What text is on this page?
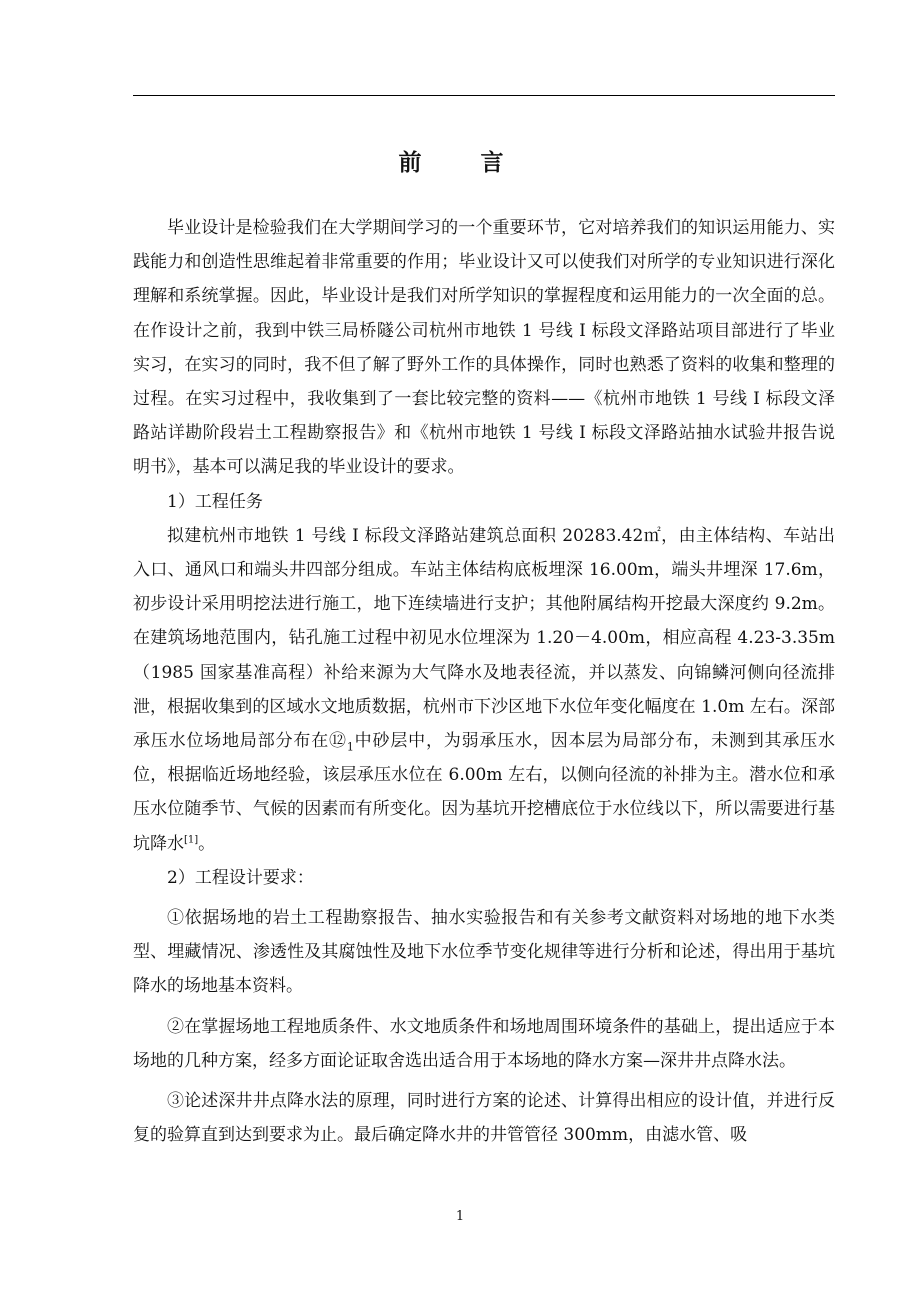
前　言

毕业设计是检验我们在大学期间学习的一个重要环节，它对培养我们的知识运用能力、实践能力和创造性思维起着非常重要的作用；毕业设计又可以使我们对所学的专业知识进行深化理解和系统掌握。因此，毕业设计是我们对所学知识的掌握程度和运用能力的一次全面的总。在作设计之前，我到中铁三局桥隧公司杭州市地铁 1 号线 I 标段文泽路站项目部进行了毕业实习，在实习的同时，我不但了解了野外工作的具体操作，同时也熟悉了资料的收集和整理的过程。在实习过程中，我收集到了一套比较完整的资料——《杭州市地铁 1 号线 I 标段文泽路站详勘阶段岩土工程勘察报告》和《杭州市地铁 1 号线 I 标段文泽路站抽水试验井报告说明书》，基本可以满足我的毕业设计的要求。

1）工程任务

拟建杭州市地铁 1 号线 I 标段文泽路站建筑总面积 20283.42㎡，由主体结构、车站出入口、通风口和端头井四部分组成。车站主体结构底板埋深 16.00m，端头井埋深 17.6m，初步设计采用明挖法进行施工，地下连续墙进行支护；其他附属结构开挖最大深度约 9.2m。在建筑场地范围内，钻孔施工过程中初见水位埋深为 1.20－4.00m，相应高程 4.23-3.35m（1985 国家基准高程）补给来源为大气降水及地表径流，并以蒸发、向锦鳞河侧向径流排泄，根据收集到的区域水文地质数据，杭州市下沙区地下水位年变化幅度在 1.0m 左右。深部承压水位场地局部分布在$⑫_1$中砂层中，为弱承压水，因本层为局部分布，未测到其承压水位，根据临近场地经验，该层承压水位在 6.00m 左右，以侧向径流的补排为主。潜水位和承压水位随季节、气候的因素而有所变化。因为基坑开挖槽底位于水位线以下，所以需要进行基坑降水[1]。

2）工程设计要求：

①依据场地的岩土工程勘察报告、抽水实验报告和有关参考文献资料对场地的地下水类型、埋藏情况、渗透性及其腐蚀性及地下水位季节变化规律等进行分析和论述，得出用于基坑降水的场地基本资料。

②在掌握场地工程地质条件、水文地质条件和场地周围环境条件的基础上，提出适应于本场地的几种方案，经多方面论证取舍选出适合用于本场地的降水方案—深井井点降水法。

③论述深井井点降水法的原理，同时进行方案的论述、计算得出相应的设计值，并进行反复的验算直到达到要求为止。最后确定降水井的井管管径 300mm，由滤水管、吸

1
